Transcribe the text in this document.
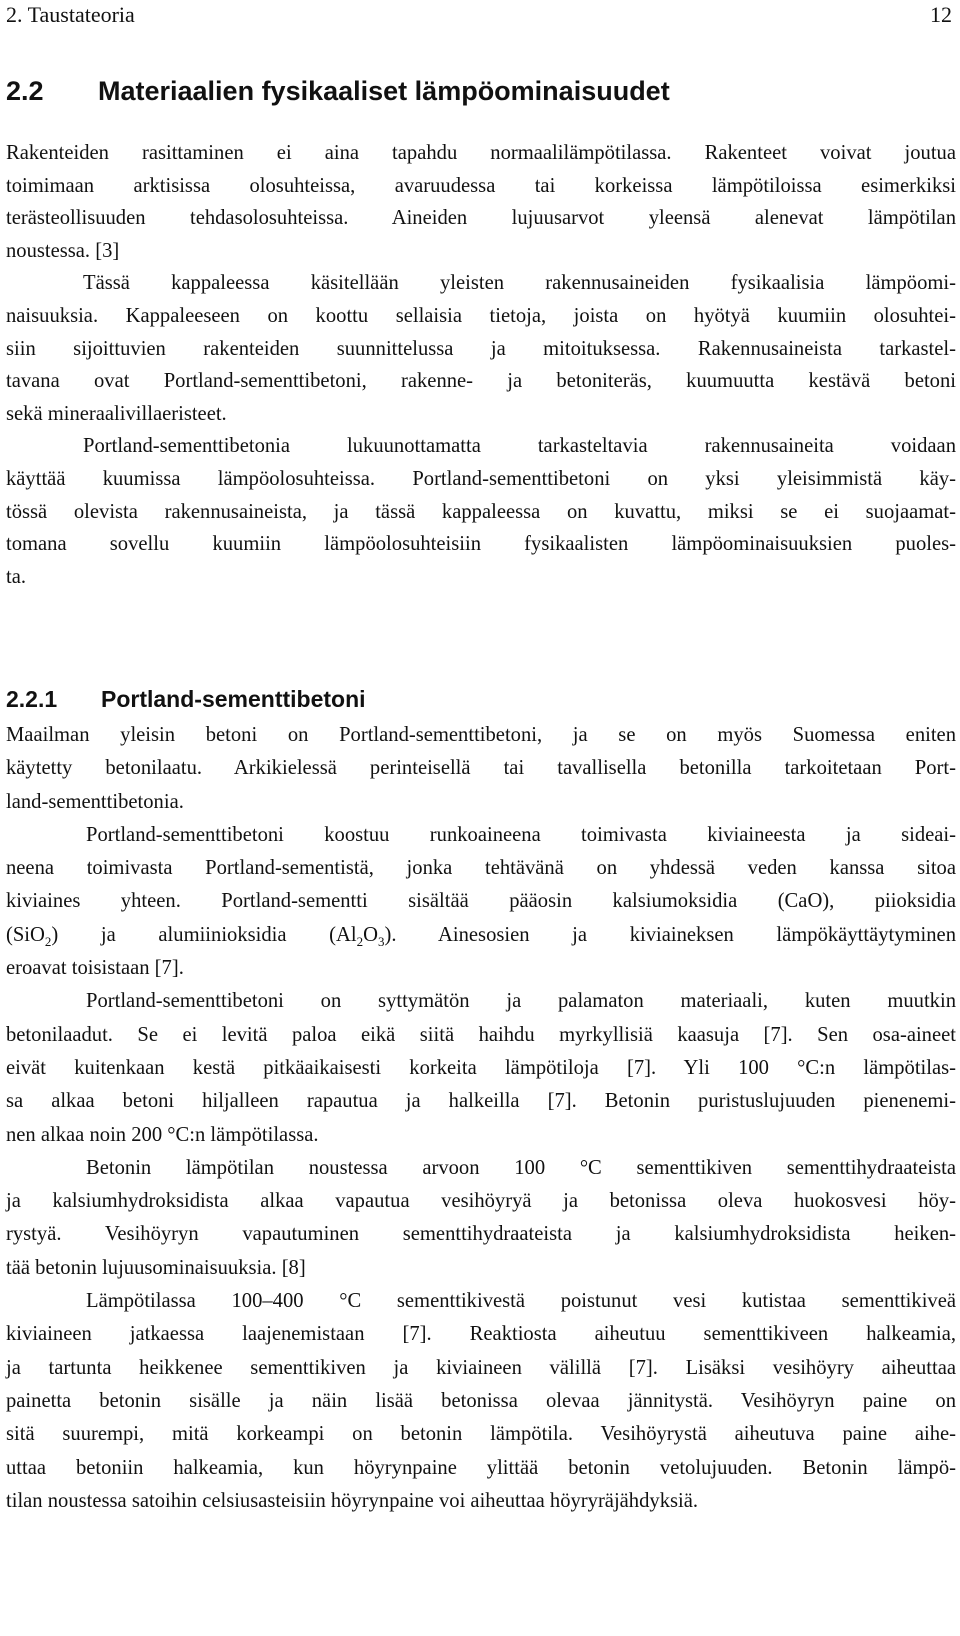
2. Taustateoria	12
2.2 Materiaalien fysikaaliset lämpöominaisuudet
Rakenteiden rasittaminen ei aina tapahdu normaalilämpötilassa. Rakenteet voivat joutua
toimimaan arktisissa olosuhteissa, avaruudessa tai korkeissa lämpötiloissa esimerkiksi
terästeollisuuden tehdasolosuhteissa. Aineiden lujuusarvot yleensä alenevat lämpötilan
noustessa. [3]
Tässä kappaleessa käsitellään yleisten rakennusaineiden fysikaalisia lämpöomi-
naisuuksia. Kappaleeseen on koottu sellaisia tietoja, joista on hyötyä kuumiin olosuhtei-
siin sijoittuvien rakenteiden suunnittelussa ja mitoituksessa. Rakennusaineista tarkastel-
tavana ovat Portland-sementtibetoni, rakenne- ja betoniteräs, kuumuutta kestävä betoni
sekä mineraalivillaeristeet.
Portland-sementtibetonia lukuunottamatta tarkasteltavia rakennusaineita voidaan
käyttää kuumissa lämpöolosuhteissa. Portland-sementtibetoni on yksi yleisimmistä käy-
tössä olevista rakennusaineista, ja tässä kappaleessa on kuvattu, miksi se ei suojaamat-
tomana sovellu kuumiin lämpöolosuhteisiin fysikaalisten lämpöominaisuuksien puoles-
ta.
2.2.1 Portland-sementtibetoni
Maailman yleisin betoni on Portland-sementtibetoni, ja se on myös Suomessa eniten
käytetty betonilaatu. Arkikielessä perinteisellä tai tavallisella betonilla tarkoitetaan Port-
land-sementtibetonia.
Portland-sementtibetoni koostuu runkoaineena toimivasta kiviaineesta ja sideai-
neena toimivasta Portland-sementistä, jonka tehtävänä on yhdessä veden kanssa sitoa
kiviaines yhteen. Portland-sementti sisältää pääosin kalsiumoksidia (CaO), piioksidia
(SiO$_2$) ja alumiinioksidia $(Al_2O_3)$. Ainesosien ja kiviaineksen lämpökäyttäytyminen
eroavat toisistaan [7].
Portland-sementtibetoni on syttymätön ja palamaton materiaali, kuten muutkin
betonilaadut. Se ei levitä paloa eikä siitä haihdu myrkyllisiä kaasuja [7]. Sen osa-aineet
eivät kuitenkaan kestä pitkäaikaisesti korkeita lämpötiloja [7]. Yli 100 °C:n lämpötilas-
sa alkaa betoni hiljalleen rapautua ja halkeilla [7]. Betonin puristuslujuuden pienenemi-
nen alkaa noin 200 °C:n lämpötilassa.
Betonin lämpötilan noustessa arvoon 100 °C sementtikiven sementtihydraateista
ja kalsiumhydroksidista alkaa vapautua vesihöyryä ja betonissa oleva huokosvesi höy-
rystyä. Vesihöyryn vapautuminen sementtihydraateista ja kalsiumhydroksidista heiken-
tää betonin lujuusominaisuuksia. [8]
Lämpötilassa 100–400 °C sementtikivestä poistunut vesi kutistaa sementtikiveä
kiviaineen jatkaessa laajenemistaan [7]. Reaktiosta aiheutuu sementtikiveen halkeamia,
ja tartunta heikkenee sementtikiven ja kiviaineen välillä [7]. Lisäksi vesihöyry aiheuttaa
painetta betonin sisälle ja näin lisää betonissa olevaa jännitystä. Vesihöyryn paine on
sitä suurempi, mitä korkeampi on betonin lämpötila. Vesihöyrystä aiheutuva paine aihe-
uttaa betoniin halkeamia, kun höyrynpaine ylittää betonin vetolujuuden. Betonin lämpö-
tilan noustessa satoihin celsiusasteisiin höyrynpaine voi aiheuttaa höyryräjähdyksiä.
